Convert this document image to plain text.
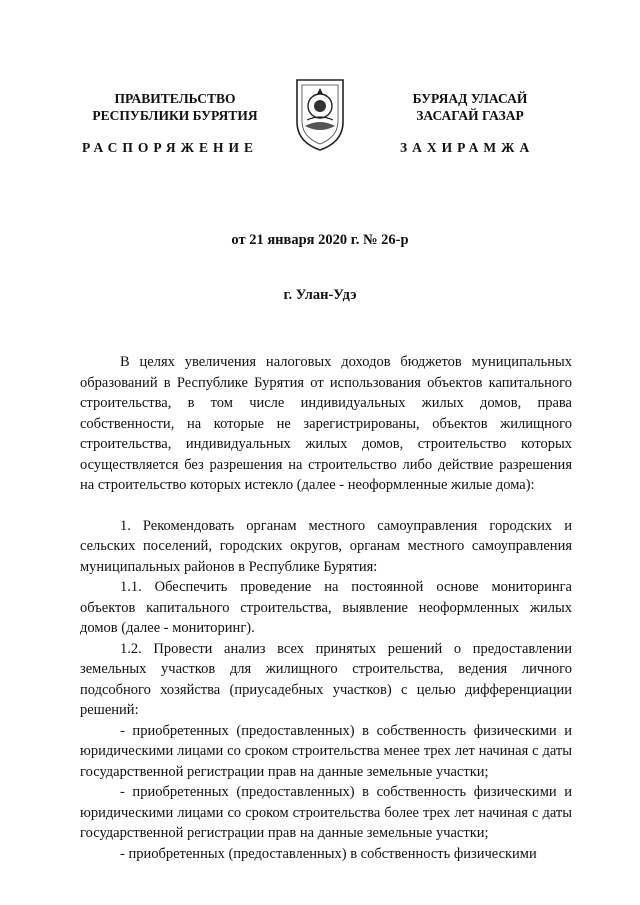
ПРАВИТЕЛЬСТВО
РЕСПУБЛИКИ БУРЯТИЯ
БУРЯАД УЛАСАЙ
ЗАСАГАЙ ГАЗАР
РАСПОРЯЖЕНИЕ	ЗАХИРАМЖА
от 21 января 2020 г. № 26-р
г. Улан-Удэ

В целях увеличения налоговых доходов бюджетов муниципальных образований в Республике Бурятия от использования объектов капитального строительства, в том числе индивидуальных жилых домов, права собственности, на которые не зарегистрированы, объектов жилищного строительства, индивидуальных жилых домов, строительство которых осуществляется без разрешения на строительство либо действие разрешения на строительство которых истекло (далее - неоформленные жилые дома):

1. Рекомендовать органам местного самоуправления городских и сельских поселений, городских округов, органам местного самоуправления муниципальных районов в Республике Бурятия:

1.1. Обеспечить проведение на постоянной основе мониторинга объектов капитального строительства, выявление неоформленных жилых домов (далее - мониторинг).

1.2. Провести анализ всех принятых решений о предоставлении земельных участков для жилищного строительства, ведения личного подсобного хозяйства (приусадебных участков) с целью дифференциации решений:

- приобретенных (предоставленных) в собственность физическими и юридическими лицами со сроком строительства менее трех лет начиная с даты государственной регистрации прав на данные земельные участки;

- приобретенных (предоставленных) в собственность физическими и юридическими лицами со сроком строительства более трех лет начиная с даты государственной регистрации прав на данные земельные участки;

- приобретенных (предоставленных) в собственность физическими
